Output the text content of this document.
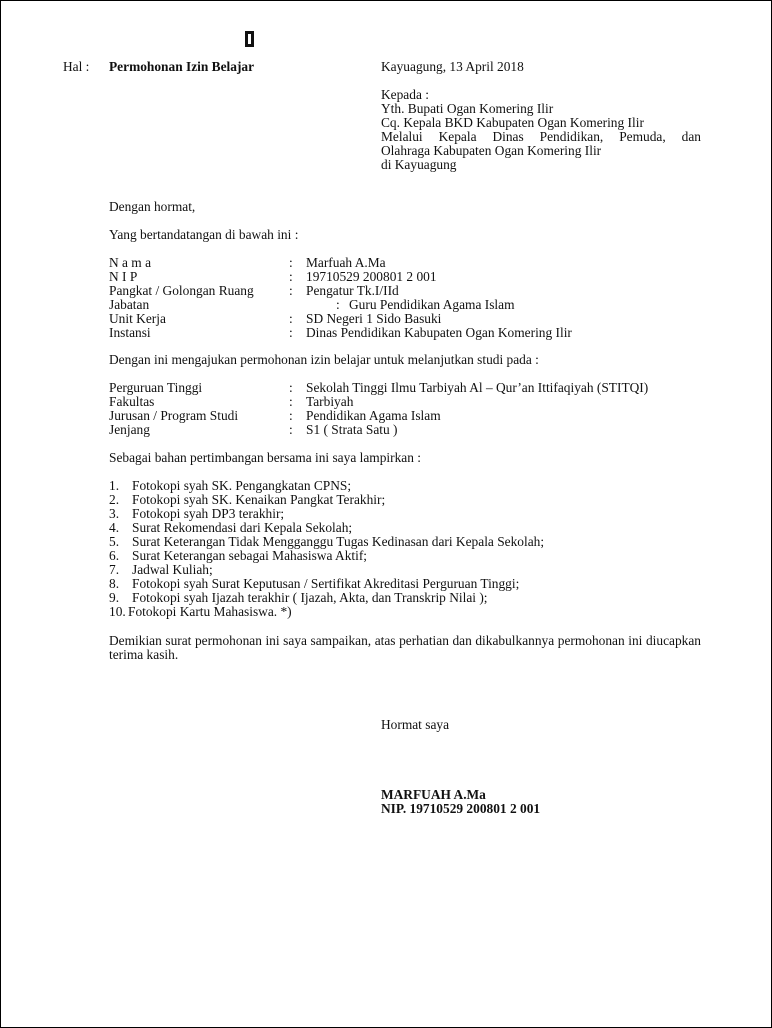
Hal : Permohonan Izin Belajar	Kayuagung, 13 April 2018
Kepada :
Yth. Bupati Ogan Komering Ilir
Cq. Kepala BKD Kabupaten Ogan Komering Ilir
Melalui Kepala Dinas Pendidikan, Pemuda, dan
Olahraga Kabupaten Ogan Komering Ilir
di Kayuagung
Dengan hormat,
Yang bertandatangan di bawah ini :
N a m a	: Marfuah A.Ma
N I P	: 19710529 200801 2 001
Pangkat / Golongan Ruang	: Pengatur Tk.I/IId
Jabatan	: Guru Pendidikan Agama Islam
Unit Kerja	: SD Negeri 1 Sido Basuki
Instansi	: Dinas Pendidikan Kabupaten Ogan Komering Ilir
Dengan ini mengajukan permohonan izin belajar untuk melanjutkan studi pada :
Perguruan Tinggi	: Sekolah Tinggi Ilmu Tarbiyah Al – Qur’an Ittifaqiyah (STITQI)
Fakultas	: Tarbiyah
Jurusan / Program Studi	: Pendidikan Agama Islam
Jenjang	: S1 ( Strata Satu )
Sebagai bahan pertimbangan bersama ini saya lampirkan :
1. Fotokopi syah SK. Pengangkatan CPNS;
2. Fotokopi syah SK. Kenaikan Pangkat Terakhir;
3. Fotokopi syah DP3 terakhir;
4. Surat Rekomendasi dari Kepala Sekolah;
5. Surat Keterangan Tidak Mengganggu Tugas Kedinasan dari Kepala Sekolah;
6. Surat Keterangan sebagai Mahasiswa Aktif;
7. Jadwal Kuliah;
8. Fotokopi syah Surat Keputusan / Sertifikat Akreditasi Perguruan Tinggi;
9. Fotokopi syah Ijazah terakhir ( Ijazah, Akta, dan Transkrip Nilai );
10. Fotokopi Kartu Mahasiswa. *)
Demikian surat permohonan ini saya sampaikan, atas perhatian dan dikabulkannya permohonan ini diucapkan terima kasih.
Hormat saya
MARFUAH A.Ma
NIP. 19710529 200801 2 001
